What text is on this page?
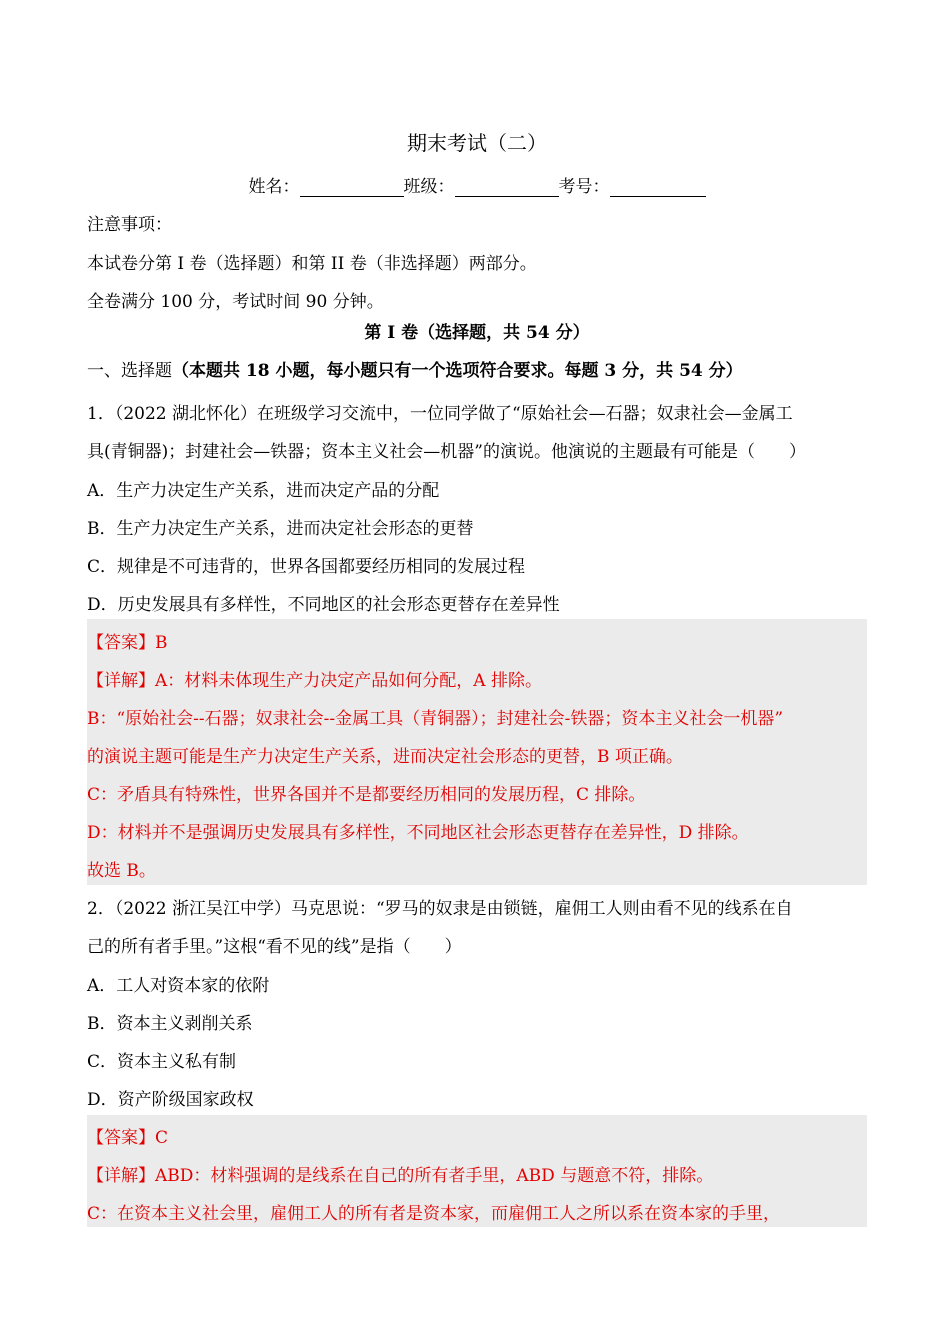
期末考试（二）
姓名：	班级：	考号：
注意事项：
本试卷分第 I 卷（选择题）和第 II 卷（非选择题）两部分。
全卷满分 100 分，考试时间 90 分钟。
第 I 卷（选择题，共 54 分）
一、选择题（本题共 18 小题，每小题只有一个选项符合要求。每题 3 分，共 54 分）
1．（2022 湖北怀化）在班级学习交流中，一位同学做了“原始社会—石器；奴隶社会—金属工
具(青铜器)；封建社会—铁器；资本主义社会—机器”的演说。他演说的主题最有可能是（　　）
A．生产力决定生产关系，进而决定产品的分配
B．生产力决定生产关系，进而决定社会形态的更替
C．规律是不可违背的，世界各国都要经历相同的发展过程
D．历史发展具有多样性，不同地区的社会形态更替存在差异性
【答案】B
【详解】A：材料未体现生产力决定产品如何分配，A 排除。
B：“原始社会--石器；奴隶社会--金属工具（青铜器）；封建社会-铁器；资本主义社会一机器”
的演说主题可能是生产力决定生产关系，进而决定社会形态的更替，B 项正确。
C：矛盾具有特殊性，世界各国并不是都要经历相同的发展历程，C 排除。
D：材料并不是强调历史发展具有多样性，不同地区社会形态更替存在差异性，D 排除。
故选 B。
2．（2022 浙江吴江中学）马克思说：“罗马的奴隶是由锁链，雇佣工人则由看不见的线系在自
己的所有者手里。”这根“看不见的线”是指（　　）
A．工人对资本家的依附
B．资本主义剥削关系
C．资本主义私有制
D．资产阶级国家政权
【答案】C
【详解】ABD：材料强调的是线系在自己的所有者手里，ABD 与题意不符，排除。
C：在资本主义社会里，雇佣工人的所有者是资本家，而雇佣工人之所以系在资本家的手里，
